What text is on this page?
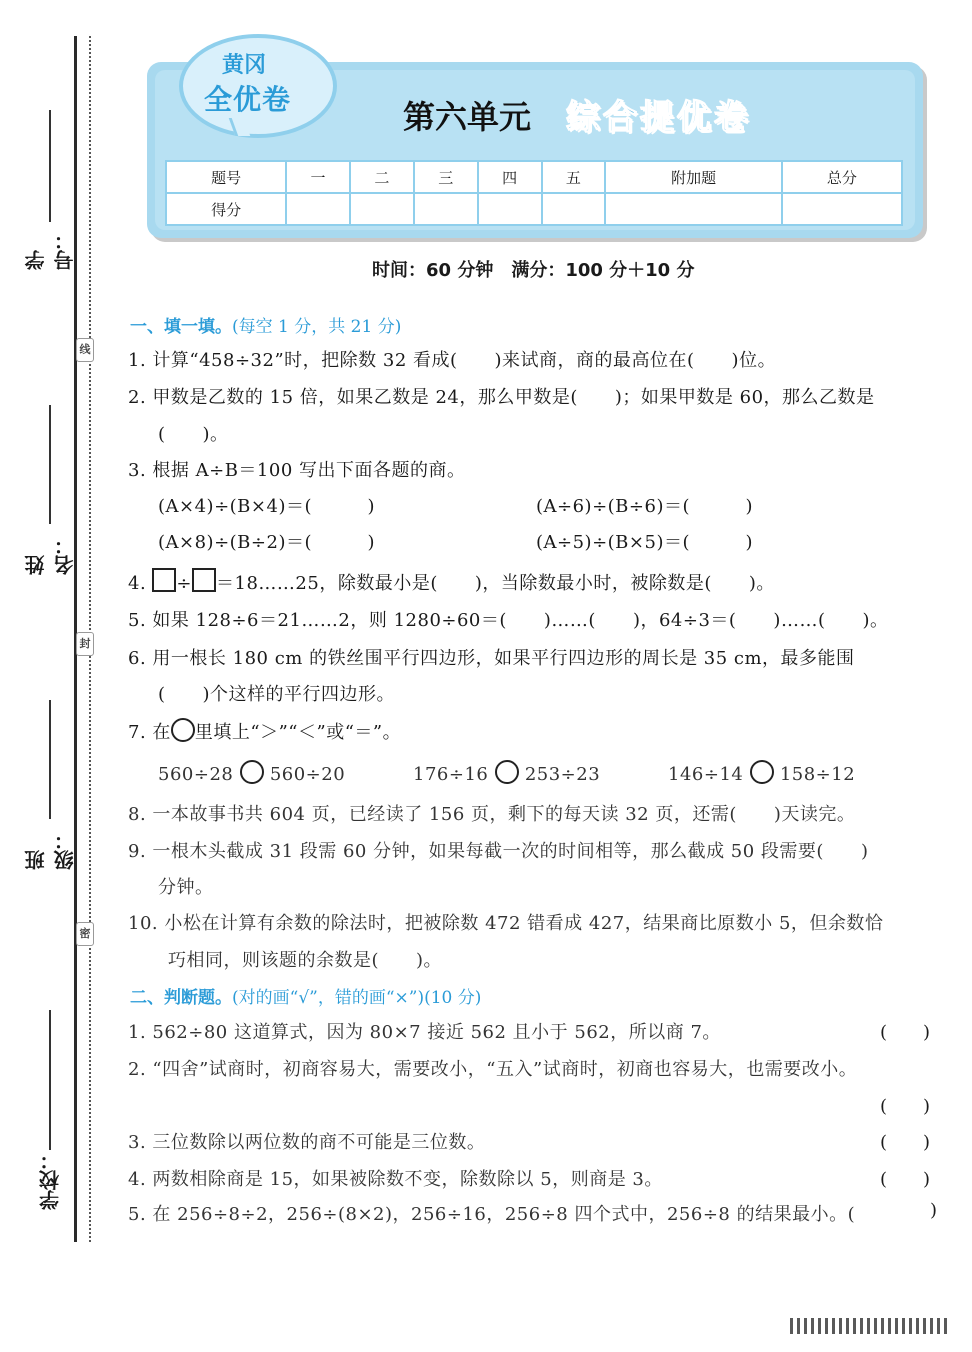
学号：
姓名：
班级：
学校：
线
封
密
黄冈
全优卷	第六单元 综合提优卷
题号	一	二	三	四	五	附加题	总分
得分							
时间：60 分钟　满分：100 分＋10 分
一、填一填。(每空 1 分，共 21 分)
1. 计算“458÷32”时，把除数 32 看成(　　)来试商，商的最高位在(　　)位。
2. 甲数是乙数的 15 倍，如果乙数是 24，那么甲数是(　　)；如果甲数是 60，那么乙数是
(　　)。
3. 根据 A÷B＝100 写出下面各题的商。
(A×4)÷(B×4)＝(　　　)	(A÷6)÷(B÷6)＝(　　　)
(A×8)÷(B÷2)＝(　　　)	(A÷5)÷(B×5)＝(　　　)
4. ÷ ＝18……25，除数最小是(　　)，当除数最小时，被除数是(　　)。
5. 如果 128÷6＝21……2，则 1280÷60＝(　　)……(　　)，64÷3＝(　　)……(　　)。
6. 用一根长 180 cm 的铁丝围平行四边形，如果平行四边形的周长是 35 cm，最多能围
(　　)个这样的平行四边形。
7. 在 里填上“＞”“＜”或“＝”。
560÷28 560÷20	176÷16 253÷23	146÷14 158÷12
8. 一本故事书共 604 页，已经读了 156 页，剩下的每天读 32 页，还需(　　)天读完。
9. 一根木头截成 31 段需 60 分钟，如果每截一次的时间相等，那么截成 50 段需要(　　)
分钟。
10. 小松在计算有余数的除法时，把被除数 472 错看成 427，结果商比原数小 5，但余数恰
巧相同，则该题的余数是(　　)。
二、判断题。(对的画“√”，错的画“×”)(10 分)
1. 562÷80 这道算式，因为 80×7 接近 562 且小于 562，所以商 7。	(　　)
2. “四舍”试商时，初商容易大，需要改小，“五入”试商时，初商也容易大，也需要改小。
(　　)
3. 三位数除以两位数的商不可能是三位数。	(　　)
4. 两数相除商是 15，如果被除数不变，除数除以 5，则商是 3。	(　　)
5. 在 256÷8÷2，256÷(8×2)，256÷16，256÷8 四个式中，256÷8 的结果最小。(	)
